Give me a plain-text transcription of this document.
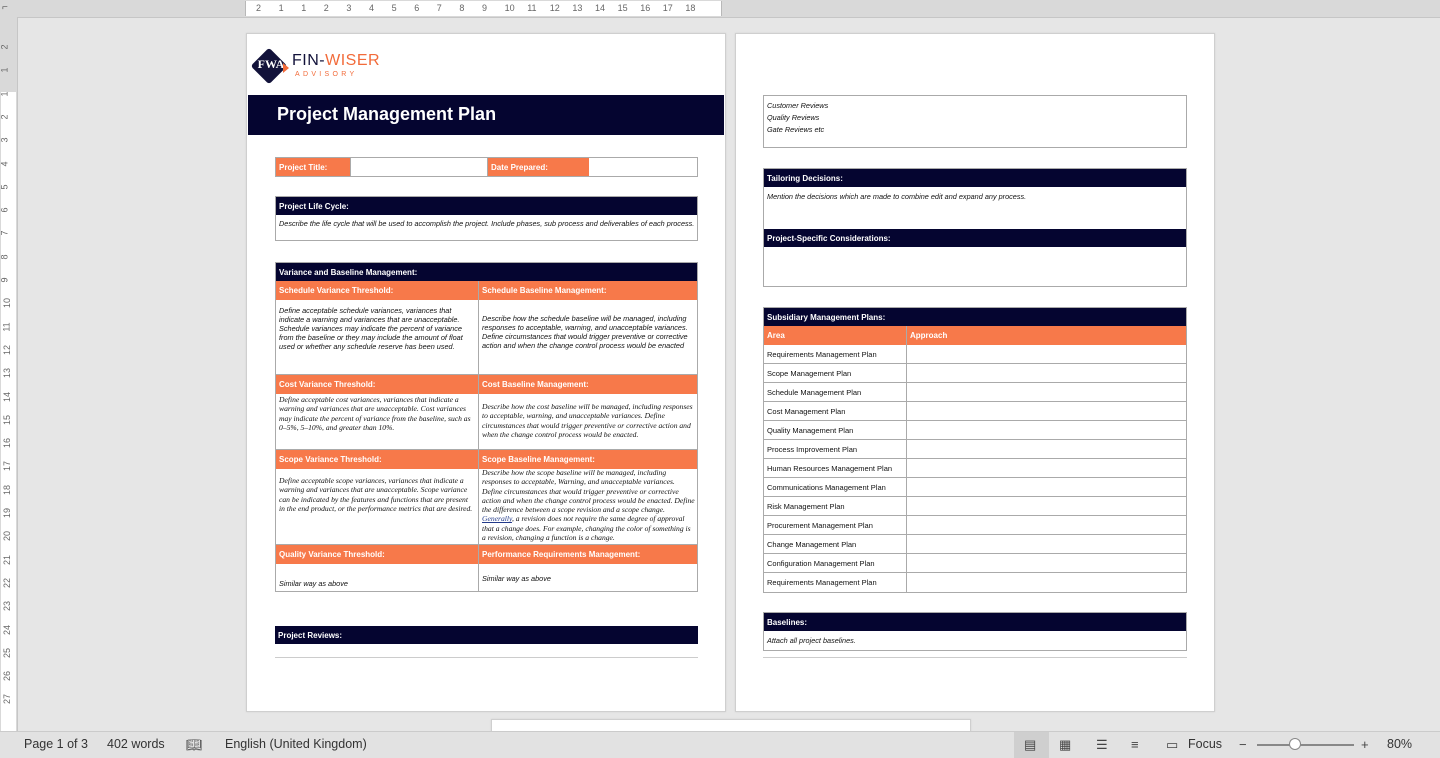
⌐	2 1 1 2 3 4 5 6 7 8 9 10 11 12 13 14 15 16 17 18
2
1
1
2
3
4
5
6
7
8
9
10
11
12
13
14
15
16
17
18
19
20
21
22
23
24
25
26
27
FWA FIN-WISER
ADVISORY
Project Management Plan
Project Title:	Date Prepared:
Project Life Cycle:
Describe the life cycle that will be used to accomplish the project. Include phases, sub process and deliverables of each process.
Variance and Baseline Management:
Schedule Variance Threshold:	Schedule Baseline Management:
Define acceptable schedule variances, variances that indicate a warning and variances that are unacceptable. Schedule variances may indicate the percent of variance from the baseline or they may include the amount of float used or whether any schedule reserve has been used.
Describe how the schedule baseline will be managed, including responses to acceptable, warning, and unacceptable variances. Define circumstances that would trigger preventive or corrective action and when the change control process would be enacted
Cost Variance Threshold:	Cost Baseline Management:
Define acceptable cost variances, variances that indicate a warning and variances that are unacceptable. Cost variances may indicate the percent of variance from the baseline, such as 0–5%, 5–10%, and greater than 10%.
Describe how the cost baseline will be managed, including responses to acceptable, warning, and unacceptable variances. Define circumstances that would trigger preventive or corrective action and when the change control process would be enacted.
Scope Variance Threshold:	Scope Baseline Management:
Define acceptable scope variances, variances that indicate a warning and variances that are unacceptable. Scope variance can be indicated by the features and functions that are present in the end product, or the performance metrics that are desired.
Describe how the scope baseline will be managed, including responses to acceptable, Warning, and unacceptable variances. Define circumstances that would trigger preventive or corrective action and when the change control process would be enacted. Define the difference between a scope revision and a scope change. Generally, a revision does not require the same degree of approval that a change does. For example, changing the color of something is a revision, changing a function is a change.
Quality Variance Threshold:	Performance Requirements Management:
Similar way as above
Similar way as above
Project Reviews:
Customer Reviews
Quality Reviews
Gate Reviews etc
Tailoring Decisions:
Mention the decisions which are made to combine edit and expand any process.
Project-Specific Considerations:
Subsidiary Management Plans:
Area	Approach
Requirements Management Plan
Scope Management Plan
Schedule Management Plan
Cost Management Plan
Quality Management Plan
Process Improvement Plan
Human Resources Management Plan
Communications Management Plan
Risk Management Plan
Procurement Management Plan
Change Management Plan
Configuration Management Plan
Requirements Management Plan
Baselines:
Attach all project baselines.
Page 1 of 3 402 words 📖︎ English (United Kingdom)	▤ ▦ ☰ ≡ ▭ Focus −	+ 80%
